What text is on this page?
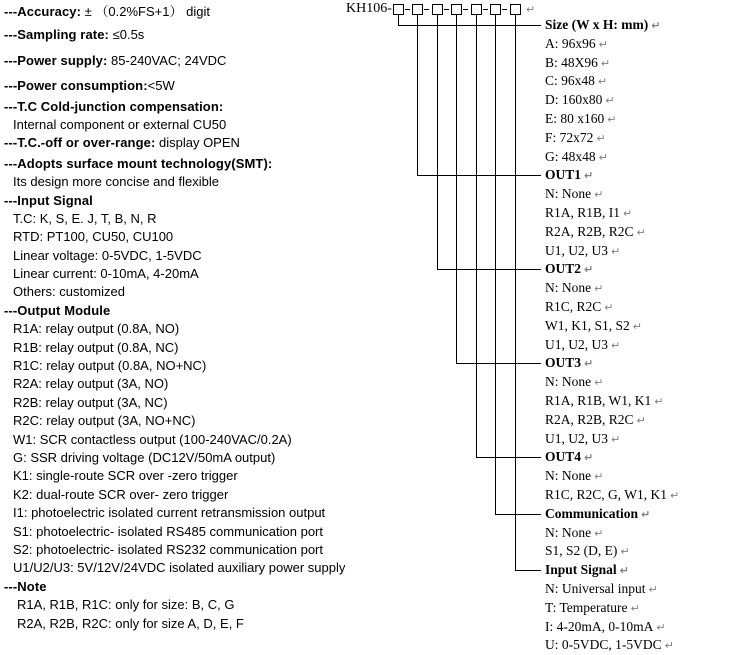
---Accuracy: ± （0.2%FS+1） digit
---Sampling rate: ≤0.5s
---Power supply: 85-240VAC; 24VDC
---Power consumption:<5W
---T.C Cold-junction compensation:
Internal component or external CU50
---T.C.-off or over-range: display OPEN
---Adopts surface mount technology(SMT):
Its design more concise and flexible
---Input Signal
T.C: K, S, E. J, T, B, N, R
RTD: PT100, CU50, CU100
Linear voltage: 0-5VDC, 1-5VDC
Linear current: 0-10mA, 4-20mA
Others: customized
---Output Module
R1A: relay output (0.8A, NO)
R1B: relay output (0.8A, NC)
R1C: relay output (0.8A, NO+NC)
R2A: relay output (3A, NO)
R2B: relay output (3A, NC)
R2C: relay output (3A, NO+NC)
W1: SCR contactless output (100-240VAC/0.2A)
G: SSR driving voltage (DC12V/50mA output)
K1: single-route SCR over -zero trigger
K2: dual-route SCR over- zero trigger
I1: photoelectric isolated current retransmission output
S1: photoelectric- isolated RS485 communication port
S2: photoelectric- isolated RS232 communication port
U1/U2/U3: 5V/12V/24VDC isolated auxiliary power supply
---Note
R1A, R1B, R1C: only for size: B, C, G
R2A, R2B, R2C: only for size A, D, E, F
KH106-	↵
Size (W x H: mm) ↵
A: 96x96 ↵
B: 48X96 ↵
C: 96x48 ↵
D: 160x80 ↵
E: 80 x160 ↵
F: 72x72 ↵
G: 48x48 ↵
OUT1 ↵
N: None ↵
R1A, R1B, I1 ↵
R2A, R2B, R2C ↵
U1, U2, U3 ↵
OUT2 ↵
N: None ↵
R1C, R2C ↵
W1, K1, S1, S2 ↵
U1, U2, U3 ↵
OUT3 ↵
N: None ↵
R1A, R1B, W1, K1 ↵
R2A, R2B, R2C ↵
U1, U2, U3 ↵
OUT4 ↵
N: None ↵
R1C, R2C, G, W1, K1 ↵
Communication ↵
N: None ↵
S1, S2 (D, E) ↵
Input Signal ↵
N: Universal input ↵
T: Temperature ↵
I: 4-20mA, 0-10mA ↵
U: 0-5VDC, 1-5VDC ↵
